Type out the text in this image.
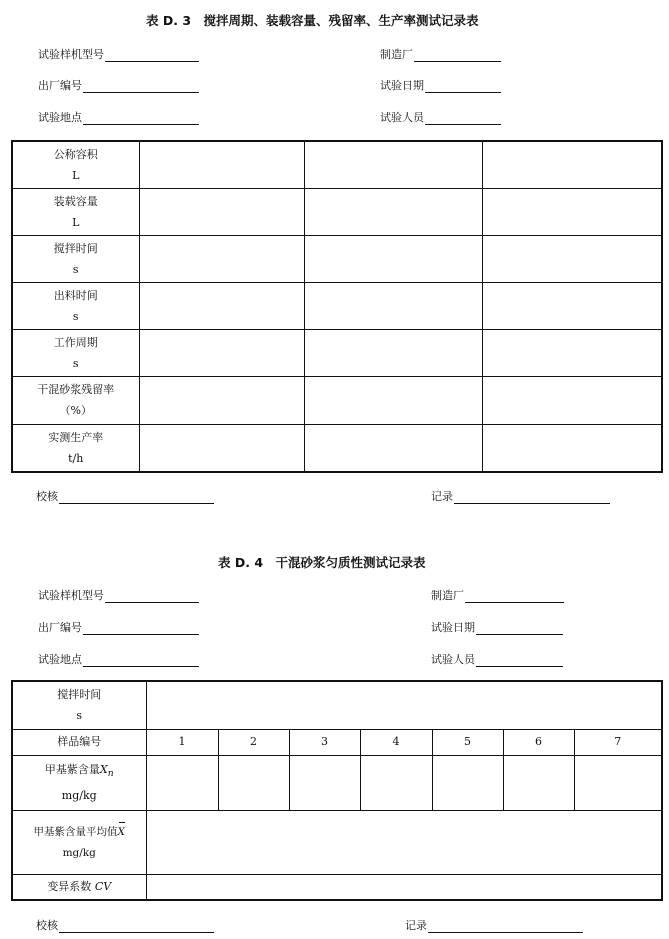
表 D. 3　搅拌周期、装载容量、残留率、生产率测试记录表
试验样机型号	制造厂
出厂编号	试验日期
试验地点	试验人员
公称容积
L			

装载容量
L			

搅拌时间
s			

出料时间
s			

工作周期
s			

干混砂浆残留率
（%）			

实测生产率
t/h			

校核	记录
表 D. 4　干混砂浆匀质性测试记录表
试验样机型号	制造厂
出厂编号	试验日期
试验地点	试验人员
搅拌时间
s							

样品编号	1	2	3	4	5	6	7

甲基紫含量$X_n$
mg/kg							

甲基紫含量平均值X
mg/kg							

变异系数 CV							
校核	记录
